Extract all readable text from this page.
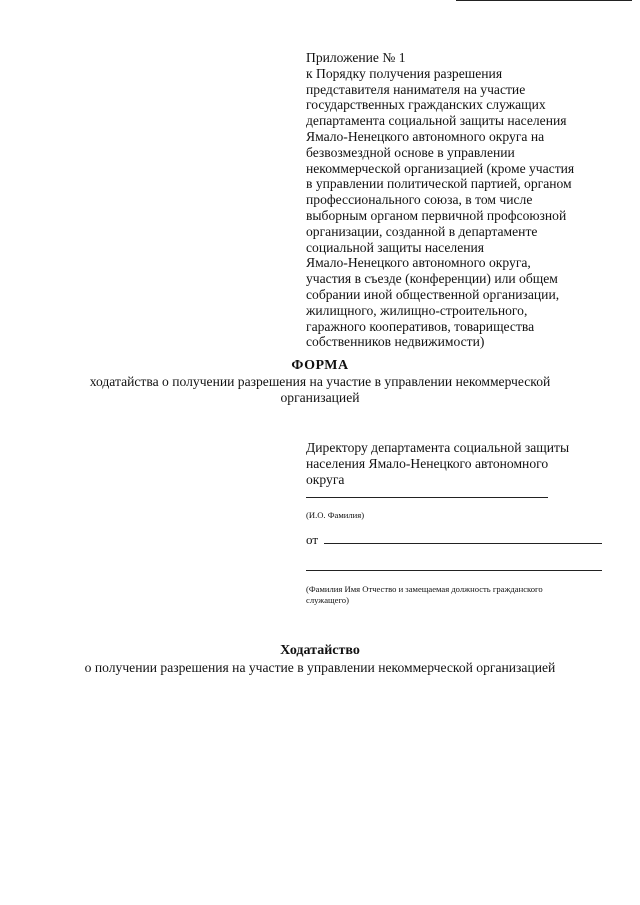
Приложение № 1
к Порядку получения разрешения
представителя нанимателя на участие
государственных гражданских служащих
департамента социальной защиты населения
Ямало-Ненецкого автономного округа на
безвозмездной основе в управлении
некоммерческой организацией (кроме участия
в управлении политической партией, органом
профессионального союза, в том числе
выборным органом первичной профсоюзной
организации, созданной в департаменте
социальной защиты населения
Ямало-Ненецкого автономного округа,
участия в съезде (конференции) или общем
собрании иной общественной организации,
жилищного, жилищно-строительного,
гаражного кооперативов, товарищества
собственников недвижимости)
ФОРМА
ходатайства о получении разрешения на участие в управлении некоммерческой
организацией
Директору департамента социальной защиты
населения Ямало-Ненецкого автономного
округа
(И.О. Фамилия)
от
(Фамилия Имя Отчество и замещаемая должность гражданского
служащего)
Ходатайство
о получении разрешения на участие в управлении некоммерческой организацией
